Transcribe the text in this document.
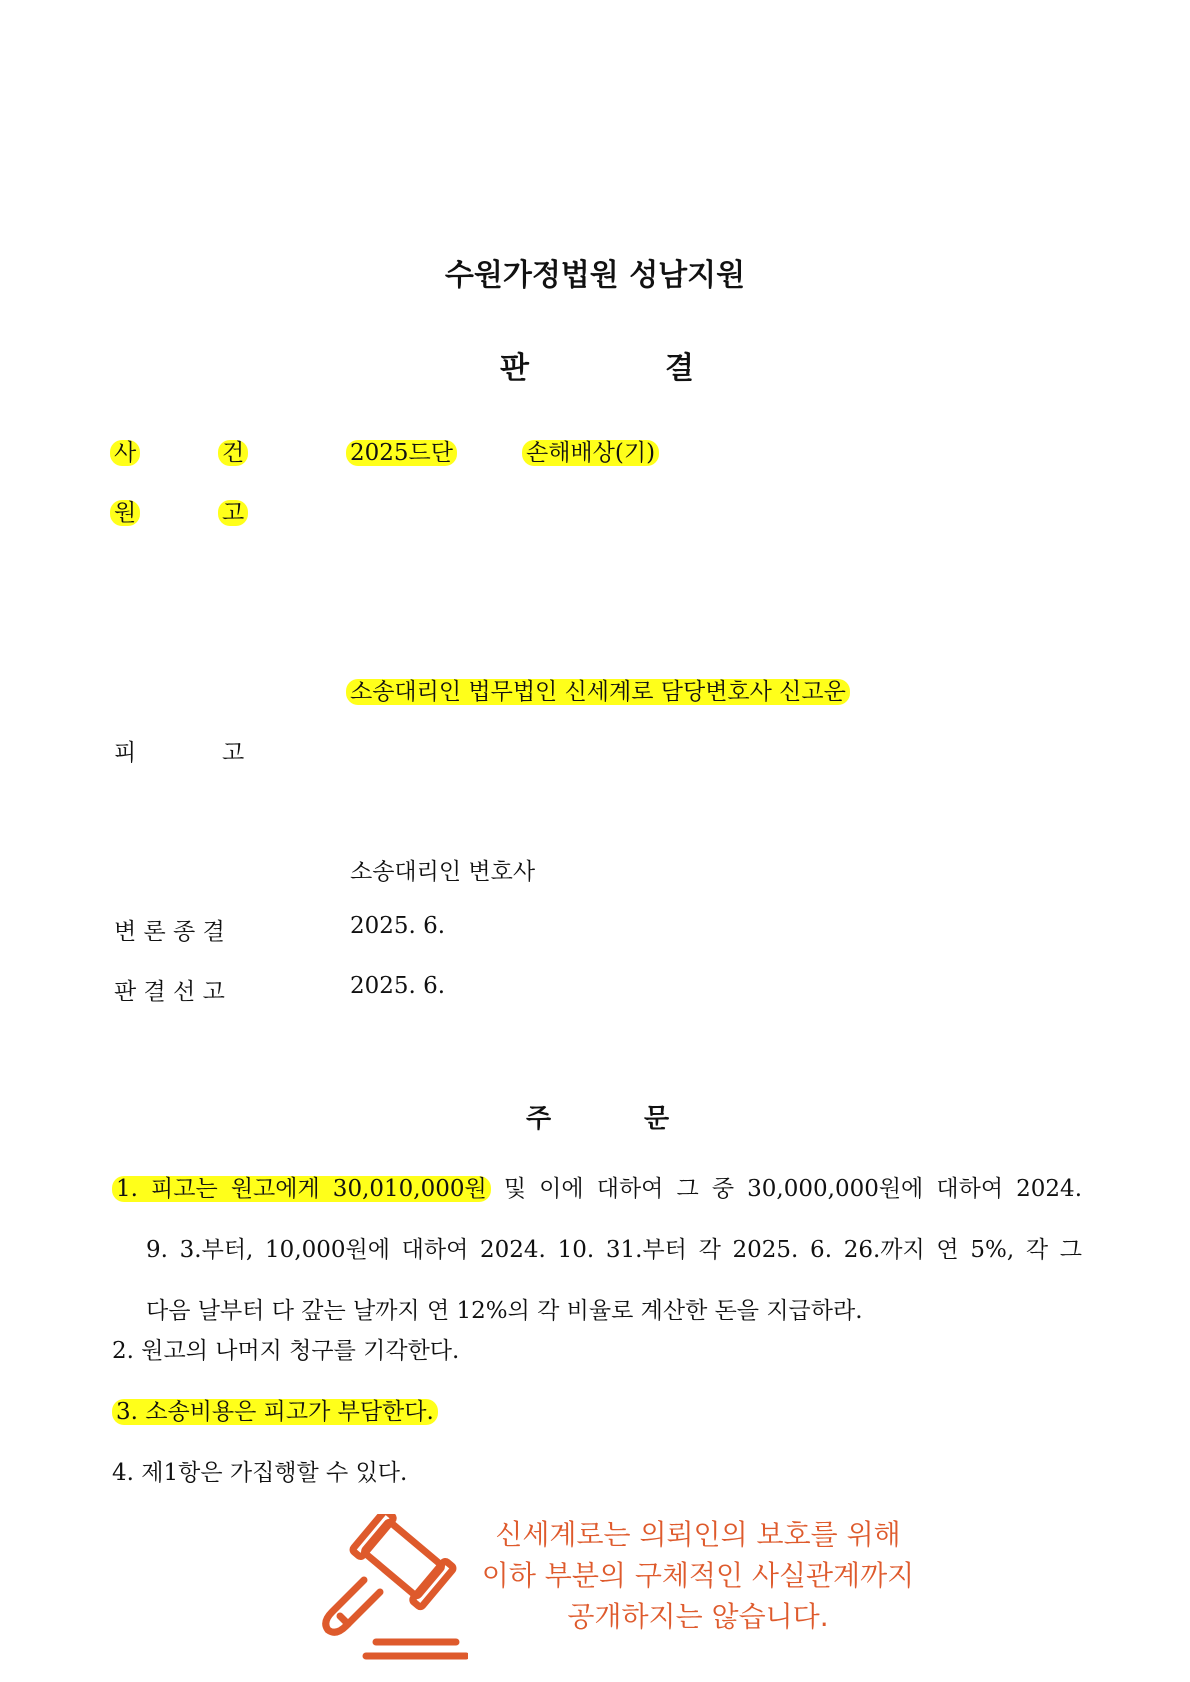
수원가정법원 성남지원
판	결
사	건	2025드단	손해배상(기)
원	고
소송대리인 법무법인 신세계로 담당변호사 신고운
피	고
소송대리인 변호사
변 론 종 결	2025. 6.
판 결 선 고	2025. 6.
주	문
1. 피고는 원고에게 30,010,000원 및 이에 대하여 그 중 30,000,000원에 대하여 2024.
9. 3.부터, 10,000원에 대하여 2024. 10. 31.부터 각 2025. 6. 26.까지 연 5%, 각 그
다음 날부터 다 갚는 날까지 연 12%의 각 비율로 계산한 돈을 지급하라.
2. 원고의 나머지 청구를 기각한다.
3. 소송비용은 피고가 부담한다.
4. 제1항은 가집행할 수 있다.
신세계로는 의뢰인의 보호를 위해
이하 부분의 구체적인 사실관계까지
공개하지는 않습니다.
